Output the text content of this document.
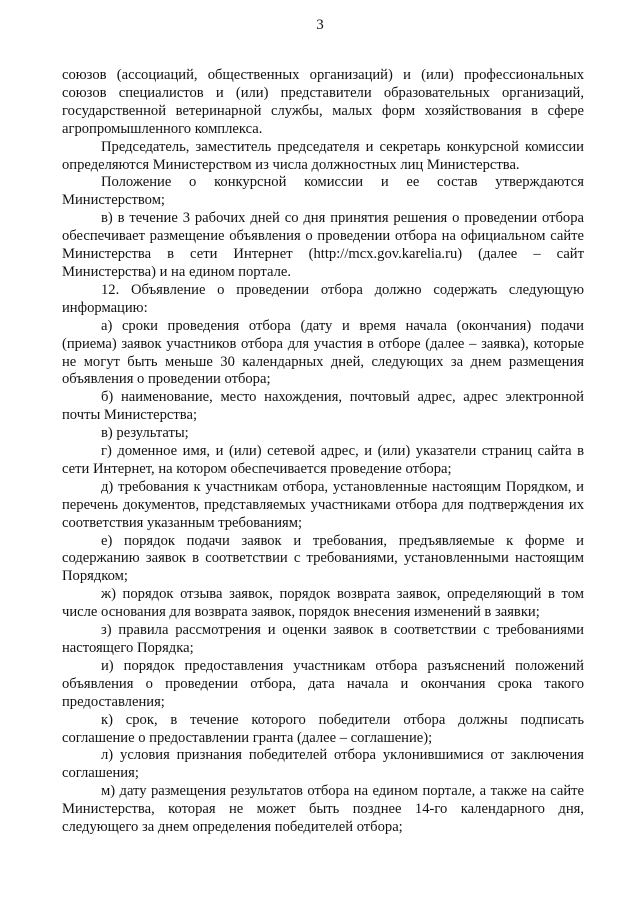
3

союзов (ассоциаций, общественных организаций) и (или) профессиональных союзов специалистов и (или) представители образовательных организаций, государственной ветеринарной службы, малых форм хозяйствования в сфере агропромышленного комплекса.

Председатель, заместитель председателя и секретарь конкурсной комиссии определяются Министерством из числа должностных лиц Министерства.

Положение о конкурсной комиссии и ее состав утверждаются Министерством;

в) в течение 3 рабочих дней со дня принятия решения о проведении отбора обеспечивает размещение объявления о проведении отбора на официальном сайте Министерства в сети Интернет (http://mcx.gov.karelia.ru) (далее – сайт Министерства) и на едином портале.

12. Объявление о проведении отбора должно содержать следующую информацию:

а) сроки проведения отбора (дату и время начала (окончания) подачи (приема) заявок участников отбора для участия в отборе (далее – заявка), которые не могут быть меньше 30 календарных дней, следующих за днем размещения объявления о проведении отбора;

б) наименование, место нахождения, почтовый адрес, адрес электронной почты Министерства;

в) результаты;

г) доменное имя, и (или) сетевой адрес, и (или) указатели страниц сайта в сети Интернет, на котором обеспечивается проведение отбора;

д) требования к участникам отбора, установленные настоящим Порядком, и перечень документов, представляемых участниками отбора для подтверждения их соответствия указанным требованиям;

е) порядок подачи заявок и требования, предъявляемые к форме и содержанию заявок в соответствии с требованиями, установленными настоящим Порядком;

ж) порядок отзыва заявок, порядок возврата заявок, определяющий в том числе основания для возврата заявок, порядок внесения изменений в заявки;

з) правила рассмотрения и оценки заявок в соответствии с требованиями настоящего Порядка;

и) порядок предоставления участникам отбора разъяснений положений объявления о проведении отбора, дата начала и окончания срока такого предоставления;

к) срок, в течение которого победители отбора должны подписать соглашение о предоставлении гранта (далее – соглашение);

л) условия признания победителей отбора уклонившимися от заключения соглашения;

м) дату размещения результатов отбора на едином портале, а также на сайте Министерства, которая не может быть позднее 14-го календарного дня, следующего за днем определения победителей отбора;
